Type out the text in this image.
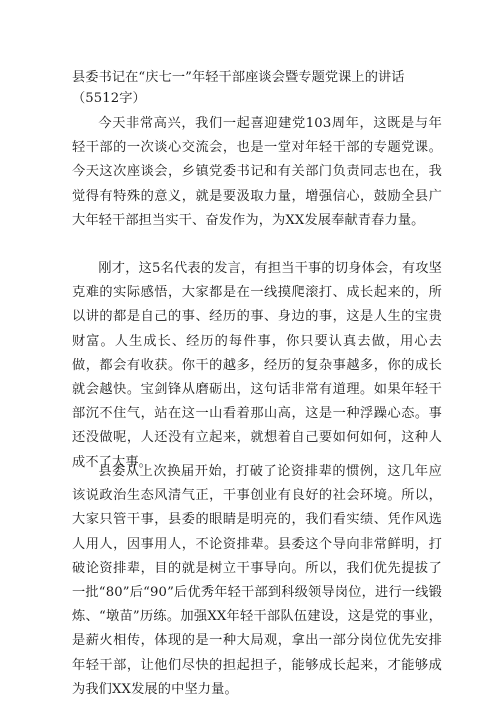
县委书记在“庆七一”年轻干部座谈会暨专题党课上的讲话（5512字）

今天非常高兴，我们一起喜迎建党103周年，这既是与年轻干部的一次谈心交流会，也是一堂对年轻干部的专题党课。今天这次座谈会，乡镇党委书记和有关部门负责同志也在，我觉得有特殊的意义，就是要汲取力量，增强信心，鼓励全县广大年轻干部担当实干、奋发作为，为XX发展奉献青春力量。

刚才，这5名代表的发言，有担当干事的切身体会，有攻坚克难的实际感悟，大家都是在一线摸爬滚打、成长起来的，所以讲的都是自己的事、经历的事、身边的事，这是人生的宝贵财富。人生成长、经历的每件事，你只要认真去做，用心去做，都会有收获。你干的越多，经历的复杂事越多，你的成长就会越快。宝剑锋从磨砺出，这句话非常有道理。如果年轻干部沉不住气，站在这一山看着那山高，这是一种浮躁心态。事还没做呢，人还没有立起来，就想着自己要如何如何，这种人成不了大事。

县委从上次换届开始，打破了论资排辈的惯例，这几年应该说政治生态风清气正，干事创业有良好的社会环境。所以，大家只管干事，县委的眼睛是明亮的，我们看实绩、凭作风选人用人，因事用人，不论资排辈。县委这个导向非常鲜明，打破论资排辈，目的就是树立干事导向。所以，我们优先提拔了一批“80”后“90”后优秀年轻干部到科级领导岗位，进行一线锻炼、“墩苗”历练。加强XX年轻干部队伍建设，这是党的事业，是薪火相传，体现的是一种大局观，拿出一部分岗位优先安排年轻干部，让他们尽快的担起担子，能够成长起来，才能够成为我们XX发展的中坚力量。
